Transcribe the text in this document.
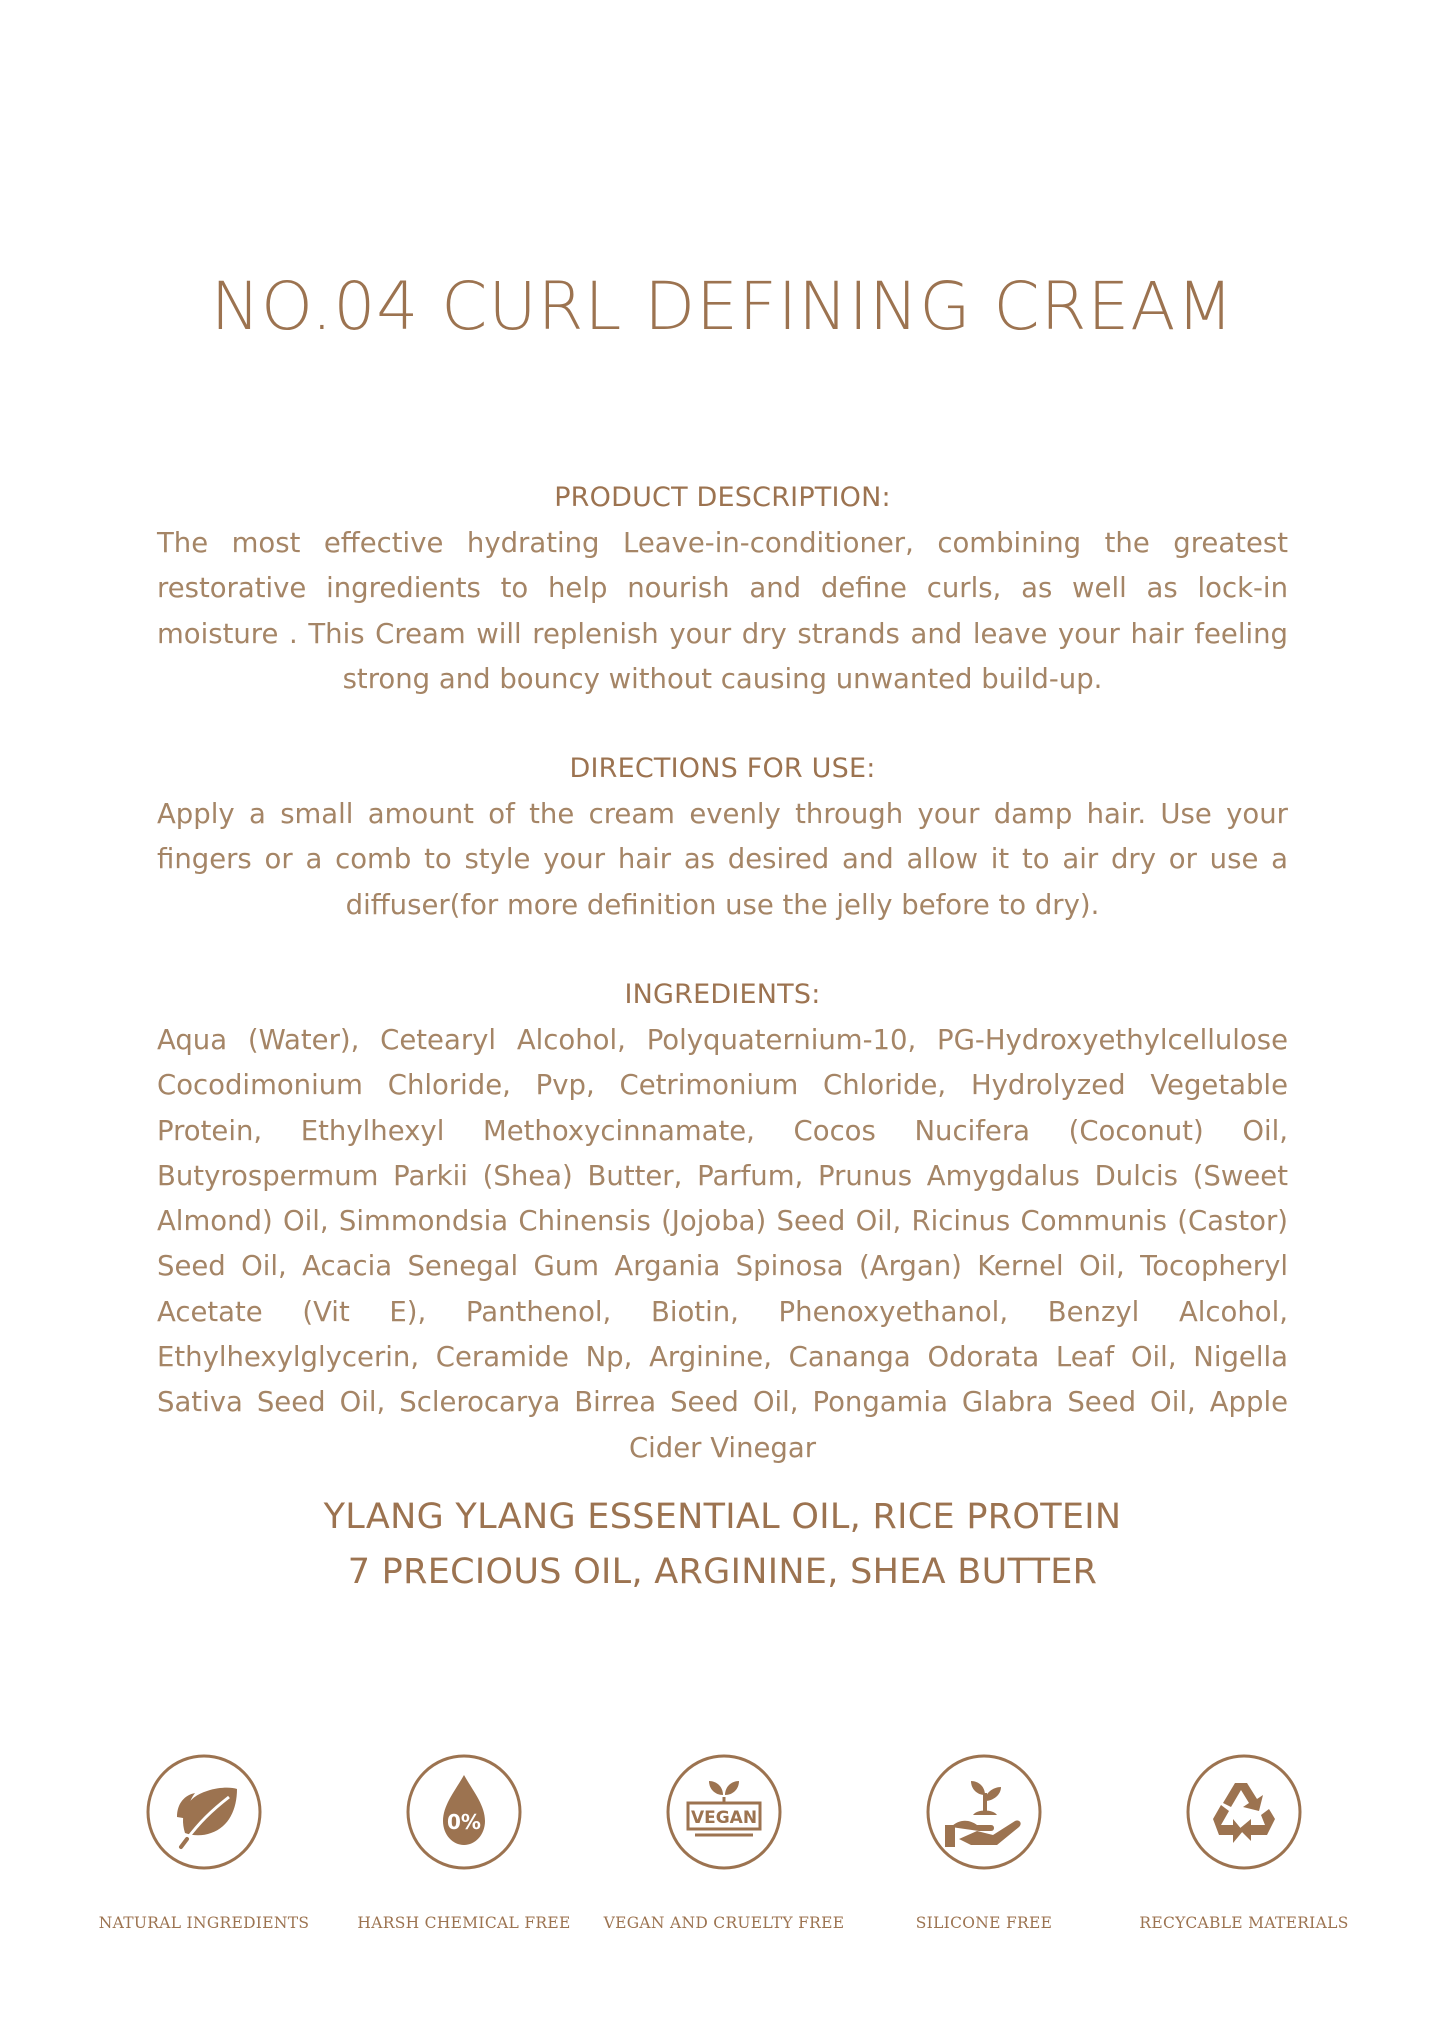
NO.04 CURL DEFINING CREAM
PRODUCT DESCRIPTION:
The most effective hydrating Leave-in-conditioner, combining the greatest restorative ingredients to help nourish and define curls, as well as lock-in moisture . This Cream will replenish your dry strands and leave your hair feeling strong and bouncy without causing unwanted build-up.
DIRECTIONS FOR USE:
Apply a small amount of the cream evenly through your damp hair. Use your fingers or a comb to style your hair as desired and allow it to air dry or use a diffuser(for more definition use the jelly before to dry).
INGREDIENTS:
Aqua (Water), Cetearyl Alcohol, Polyquaternium-10, PG-Hydroxyethylcellulose Cocodimonium Chloride, Pvp, Cetrimonium Chloride, Hydrolyzed Vegetable Protein, Ethylhexyl Methoxycinnamate, Cocos Nucifera (Coconut) Oil, Butyrospermum Parkii (Shea) Butter, Parfum, Prunus Amygdalus Dulcis (Sweet Almond) Oil, Simmondsia Chinensis (Jojoba) Seed Oil, Ricinus Communis (Castor) Seed Oil, Acacia Senegal Gum Argania Spinosa (Argan) Kernel Oil, Tocopheryl Acetate (Vit E), Panthenol, Biotin, Phenoxyethanol, Benzyl Alcohol, Ethylhexylglycerin, Ceramide Np, Arginine, Cananga Odorata Leaf Oil, Nigella Sativa Seed Oil, Sclerocarya Birrea Seed Oil, Pongamia Glabra Seed Oil, Apple Cider Vinegar
YLANG YLANG ESSENTIAL OIL, RICE PROTEIN
7 PRECIOUS OIL, ARGININE, SHEA BUTTER
NATURAL INGREDIENTS
0%
HARSH CHEMICAL FREE
VEGAN
VEGAN AND CRUELTY FREE	SILICONE FREE	RECYCABLE MATERIALS
